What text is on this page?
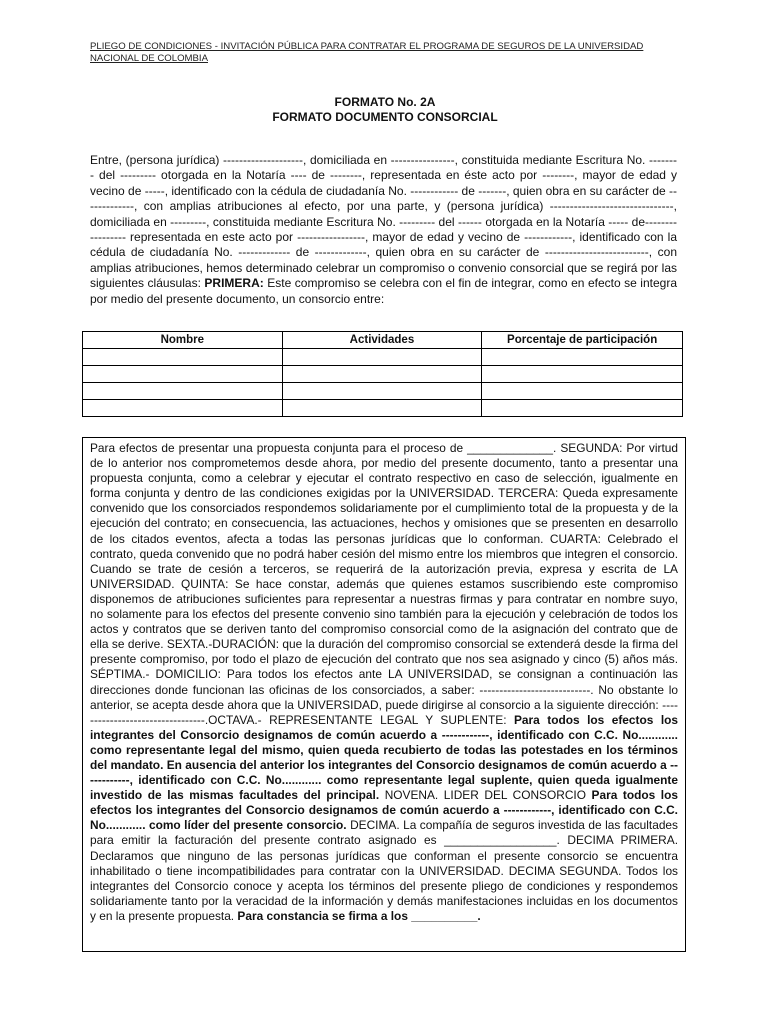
PLIEGO DE CONDICIONES - INVITACIÓN PÚBLICA PARA CONTRATAR EL PROGRAMA DE SEGUROS DE LA UNIVERSIDAD NACIONAL DE COLOMBIA
FORMATO No. 2A
FORMATO DOCUMENTO CONSORCIAL
Entre, (persona jurídica) --------------------, domiciliada en ----------------, constituida mediante Escritura No. -------- del --------- otorgada en la Notaría ---- de --------, representada en éste acto por --------, mayor de edad y vecino de -----, identificado con la cédula de ciudadanía No. ------------ de -------, quien obra en su carácter de -------------, con amplias atribuciones al efecto, por una parte, y (persona jurídica) -------------------------------, domiciliada en ---------, constituida mediante Escritura No. --------- del ------ otorgada en la Notaría ----- de----------------- representada en este acto por -----------------, mayor de edad y vecino de ------------, identificado con la cédula de ciudadanía No. ------------- de -------------, quien obra en su carácter de --------------------------, con amplias atribuciones, hemos determinado celebrar un compromiso o convenio consorcial que se regirá por las siguientes cláusulas: PRIMERA: Este compromiso se celebra con el fin de integrar, como en efecto se integra por medio del presente documento, un consorcio entre:
Nombre	Actividades	Porcentaje de participación

Para efectos de presentar una propuesta conjunta para el proceso de _____________. SEGUNDA: Por virtud de lo anterior nos comprometemos desde ahora, por medio del presente documento, tanto a presentar una propuesta conjunta, como a celebrar y ejecutar el contrato respectivo en caso de selección, igualmente en forma conjunta y dentro de las condiciones exigidas por la UNIVERSIDAD. TERCERA: Queda expresamente convenido que los consorciados respondemos solidariamente por el cumplimiento total de la propuesta y de la ejecución del contrato; en consecuencia, las actuaciones, hechos y omisiones que se presenten en desarrollo de los citados eventos, afecta a todas las personas jurídicas que lo conforman. CUARTA: Celebrado el contrato, queda convenido que no podrá haber cesión del mismo entre los miembros que integren el consorcio. Cuando se trate de cesión a terceros, se requerirá de la autorización previa, expresa y escrita de LA UNIVERSIDAD. QUINTA: Se hace constar, además que quienes estamos suscribiendo este compromiso disponemos de atribuciones suficientes para representar a nuestras firmas y para contratar en nombre suyo, no solamente para los efectos del presente convenio sino también para la ejecución y celebración de todos los actos y contratos que se deriven tanto del compromiso consorcial como de la asignación del contrato que de ella se derive. SEXTA.-DURACIÓN: que la duración del compromiso consorcial se extenderá desde la firma del presente compromiso, por todo el plazo de ejecución del contrato que nos sea asignado y cinco (5) años más. SÉPTIMA.- DOMICILIO: Para todos los efectos ante LA UNIVERSIDAD, se consignan a continuación las direcciones donde funcionan las oficinas de los consorciados, a saber: ----------------------------. No obstante lo anterior, se acepta desde ahora que la UNIVERSIDAD, puede dirigirse al consorcio a la siguiente dirección: ---------------------------------.OCTAVA.- REPRESENTANTE LEGAL Y SUPLENTE: Para todos los efectos los integrantes del Consorcio designamos de común acuerdo a ------------, identificado con C.C. No............ como representante legal del mismo, quien queda recubierto de todas las potestades en los términos del mandato. En ausencia del anterior los integrantes del Consorcio designamos de común acuerdo a ------------, identificado con C.C. No............ como representante legal suplente, quien queda igualmente investido de las mismas facultades del principal. NOVENA. LIDER DEL CONSORCIO Para todos los efectos los integrantes del Consorcio designamos de común acuerdo a ------------, identificado con C.C. No............ como líder del presente consorcio. DECIMA. La compañía de seguros investida de las facultades para emitir la facturación del presente contrato asignado es _________________. DECIMA PRIMERA. Declaramos que ninguno de las personas jurídicas que conforman el presente consorcio se encuentra inhabilitado o tiene incompatibilidades para contratar con la UNIVERSIDAD. DECIMA SEGUNDA. Todos los integrantes del Consorcio conoce y acepta los términos del presente pliego de condiciones y respondemos solidariamente tanto por la veracidad de la información y demás manifestaciones incluidas en los documentos y en la presente propuesta. Para constancia se firma a los __________.
